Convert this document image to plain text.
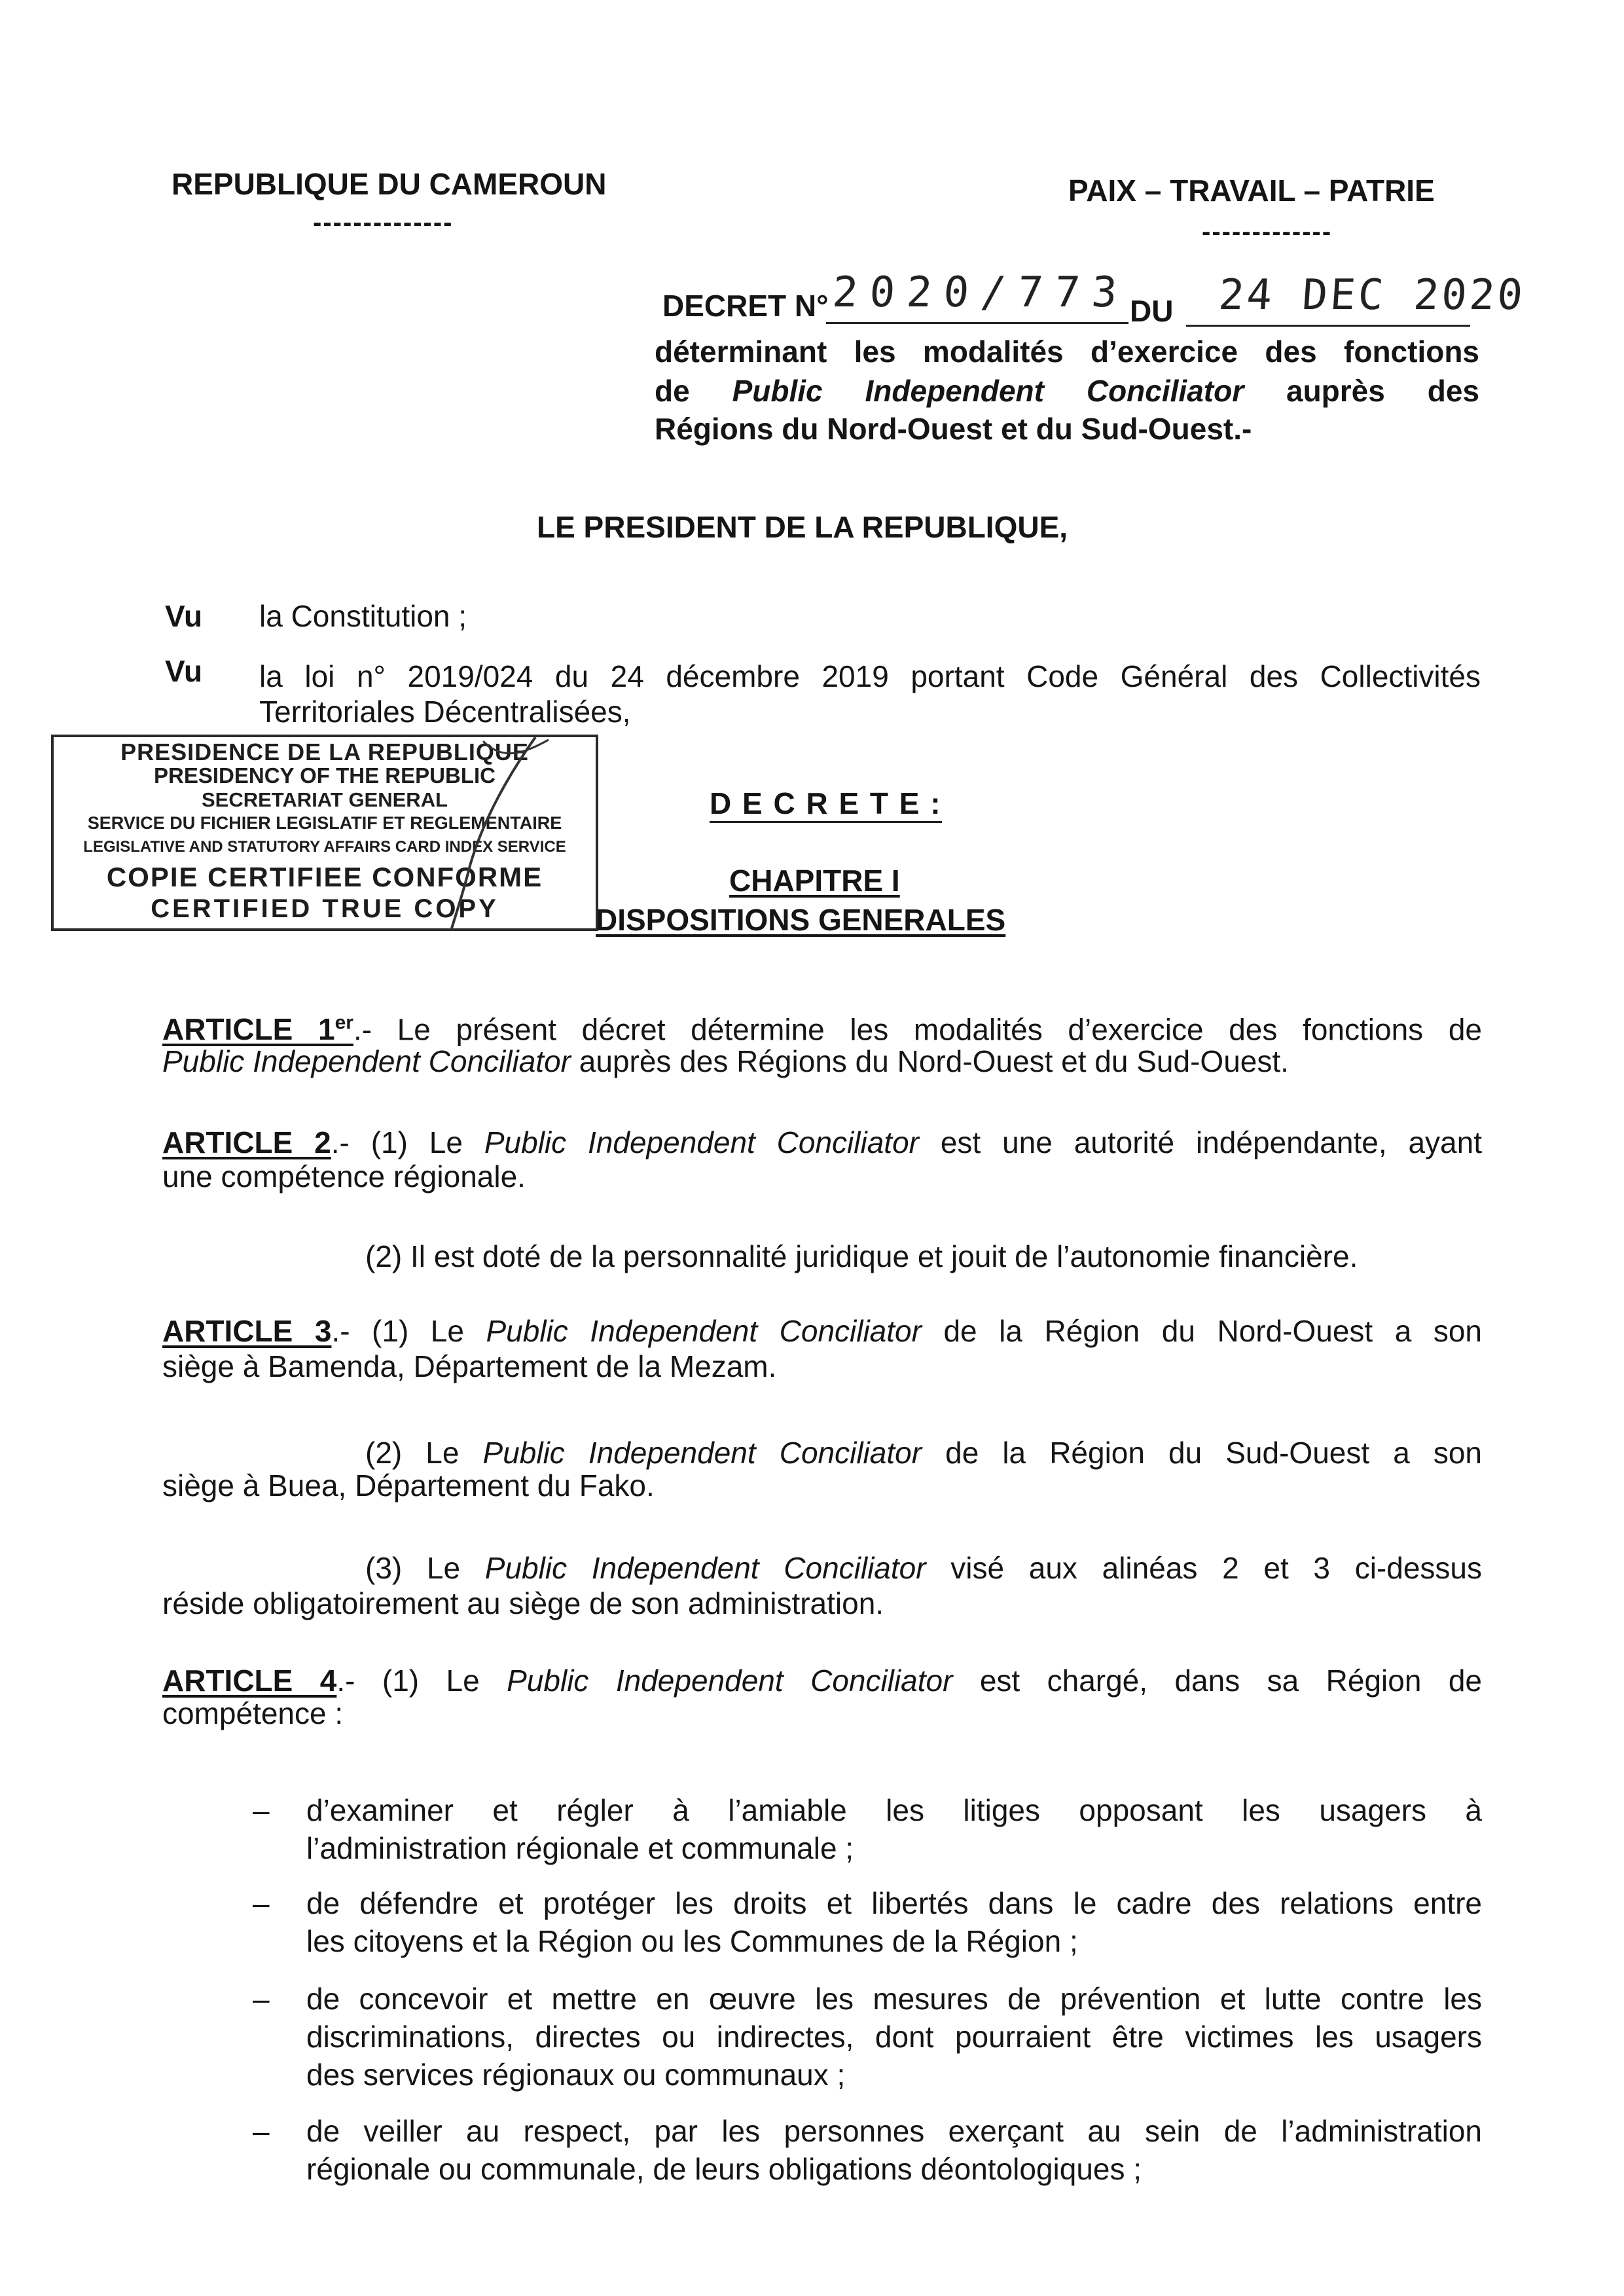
REPUBLIQUE DU CAMEROUN
--------------
PAIX – TRAVAIL – PATRIE
-------------
DECRET N° 2020/773 DU 24 DEC 2020
déterminant les modalités d’exercice des fonctions
de Public Independent Conciliator auprès des
Régions du Nord-Ouest et du Sud-Ouest.-
LE PRESIDENT DE LA REPUBLIQUE,
Vu la Constitution ;
Vu la loi n° 2019/024 du 24 décembre 2019 portant Code Général des Collectivités
Territoriales Décentralisées,
PRESIDENCE DE LA REPUBLIQUE
PRESIDENCY OF THE REPUBLIC
SECRETARIAT GENERAL
SERVICE DU FICHIER LEGISLATIF ET REGLEMENTAIRE
LEGISLATIVE AND STATUTORY AFFAIRS CARD INDEX SERVICE
COPIE CERTIFIEE CONFORME
CERTIFIED TRUE COPY
D E C R E T E :
CHAPITRE I
DISPOSITIONS GENERALES
ARTICLE 1er.- Le présent décret détermine les modalités d’exercice des fonctions de
Public Independent Conciliator auprès des Régions du Nord-Ouest et du Sud-Ouest.
ARTICLE 2.- (1) Le Public Independent Conciliator est une autorité indépendante, ayant
une compétence régionale.
(2) Il est doté de la personnalité juridique et jouit de l’autonomie financière.
ARTICLE 3.- (1) Le Public Independent Conciliator de la Région du Nord-Ouest a son
siège à Bamenda, Département de la Mezam.
(2) Le Public Independent Conciliator de la Région du Sud-Ouest a son
siège à Buea, Département du Fako.
(3) Le Public Independent Conciliator visé aux alinéas 2 et 3 ci-dessus
réside obligatoirement au siège de son administration.
ARTICLE 4.- (1) Le Public Independent Conciliator est chargé, dans sa Région de
compétence :
– d’examiner et régler à l’amiable les litiges opposant les usagers à
l’administration régionale et communale ;
– de défendre et protéger les droits et libertés dans le cadre des relations entre
les citoyens et la Région ou les Communes de la Région ;
– de concevoir et mettre en œuvre les mesures de prévention et lutte contre les
discriminations, directes ou indirectes, dont pourraient être victimes les usagers
des services régionaux ou communaux ;
– de veiller au respect, par les personnes exerçant au sein de l’administration
régionale ou communale, de leurs obligations déontologiques ;
